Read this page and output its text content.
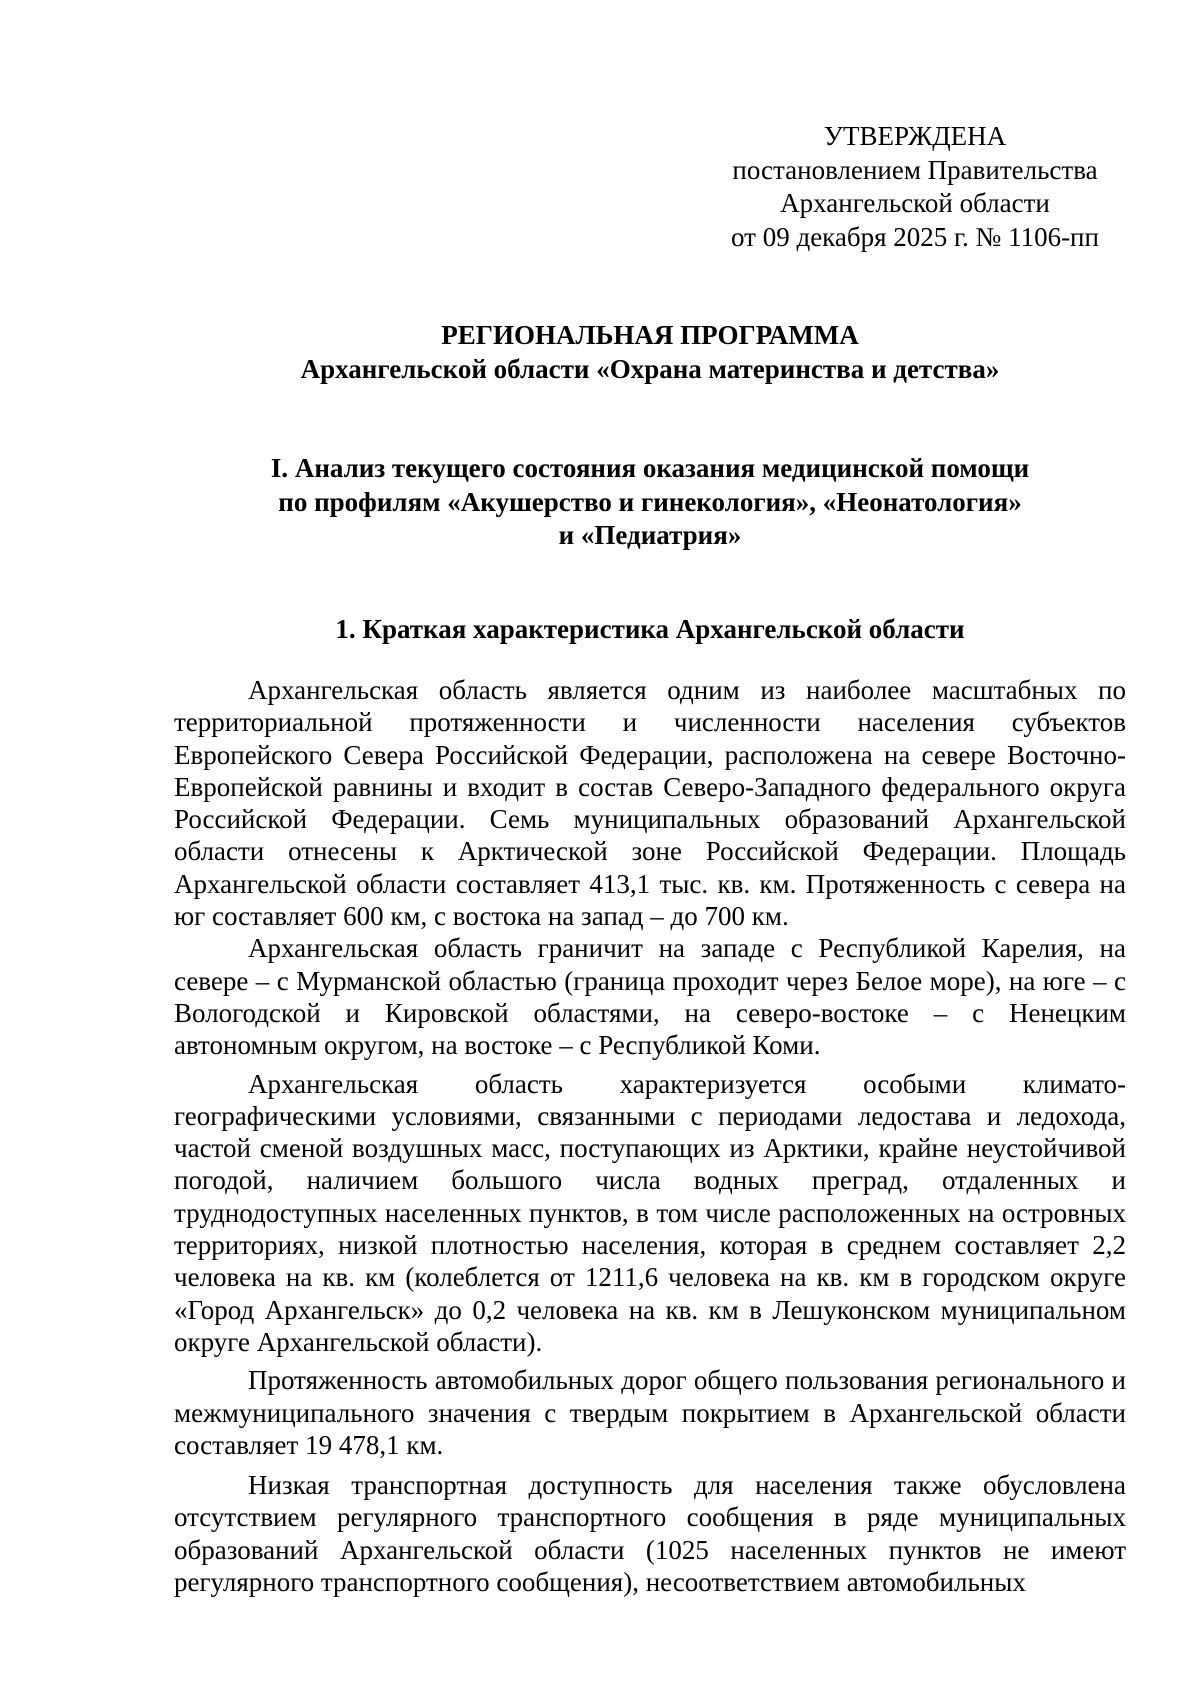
УТВЕРЖДЕНА
постановлением Правительства
Архангельской области
от 09 декабря 2025 г. № 1106-пп
РЕГИОНАЛЬНАЯ ПРОГРАММА
Архангельской области «Охрана материнства и детства»
I. Анализ текущего состояния оказания медицинской помощи
по профилям «Акушерство и гинекология», «Неонатология»
и «Педиатрия»
1. Краткая характеристика Архангельской области

Архангельская область является одним из наиболее масштабных по территориальной протяженности и численности населения субъектов Европейского Севера Российской Федерации, расположена на севере Восточно-Европейской равнины и входит в состав Северо-Западного федерального округа Российской Федерации. Семь муниципальных образований Архангельской области отнесены к Арктической зоне Российской Федерации. Площадь Архангельской области составляет 413,1 тыс. кв. км. Протяженность с севера на юг составляет 600 км, с востока на запад – до 700 км.

Архангельская область граничит на западе с Республикой Карелия, на севере – с Мурманской областью (граница проходит через Белое море), на юге – с Вологодской и Кировской областями, на северо-востоке – с Ненецким автономным округом, на востоке – с Республикой Коми.

Архангельская область характеризуется особыми климато-географическими условиями, связанными с периодами ледостава и ледохода, частой сменой воздушных масс, поступающих из Арктики, крайне неустойчивой погодой, наличием большого числа водных преград, отдаленных и труднодоступных населенных пунктов, в том числе расположенных на островных территориях, низкой плотностью населения, которая в среднем составляет 2,2 человека на кв. км (колеблется от 1211,6 человека на кв. км в городском округе «Город Архангельск» до 0,2 человека на кв. км в Лешуконском муниципальном округе Архангельской области).

Протяженность автомобильных дорог общего пользования регионального и межмуниципального значения с твердым покрытием в Архангельской области составляет 19 478,1 км.

Низкая транспортная доступность для населения также обусловлена отсутствием регулярного транспортного сообщения в ряде муниципальных образований Архангельской области (1025 населенных пунктов не имеют регулярного транспортного сообщения), несоответствием автомобильных
